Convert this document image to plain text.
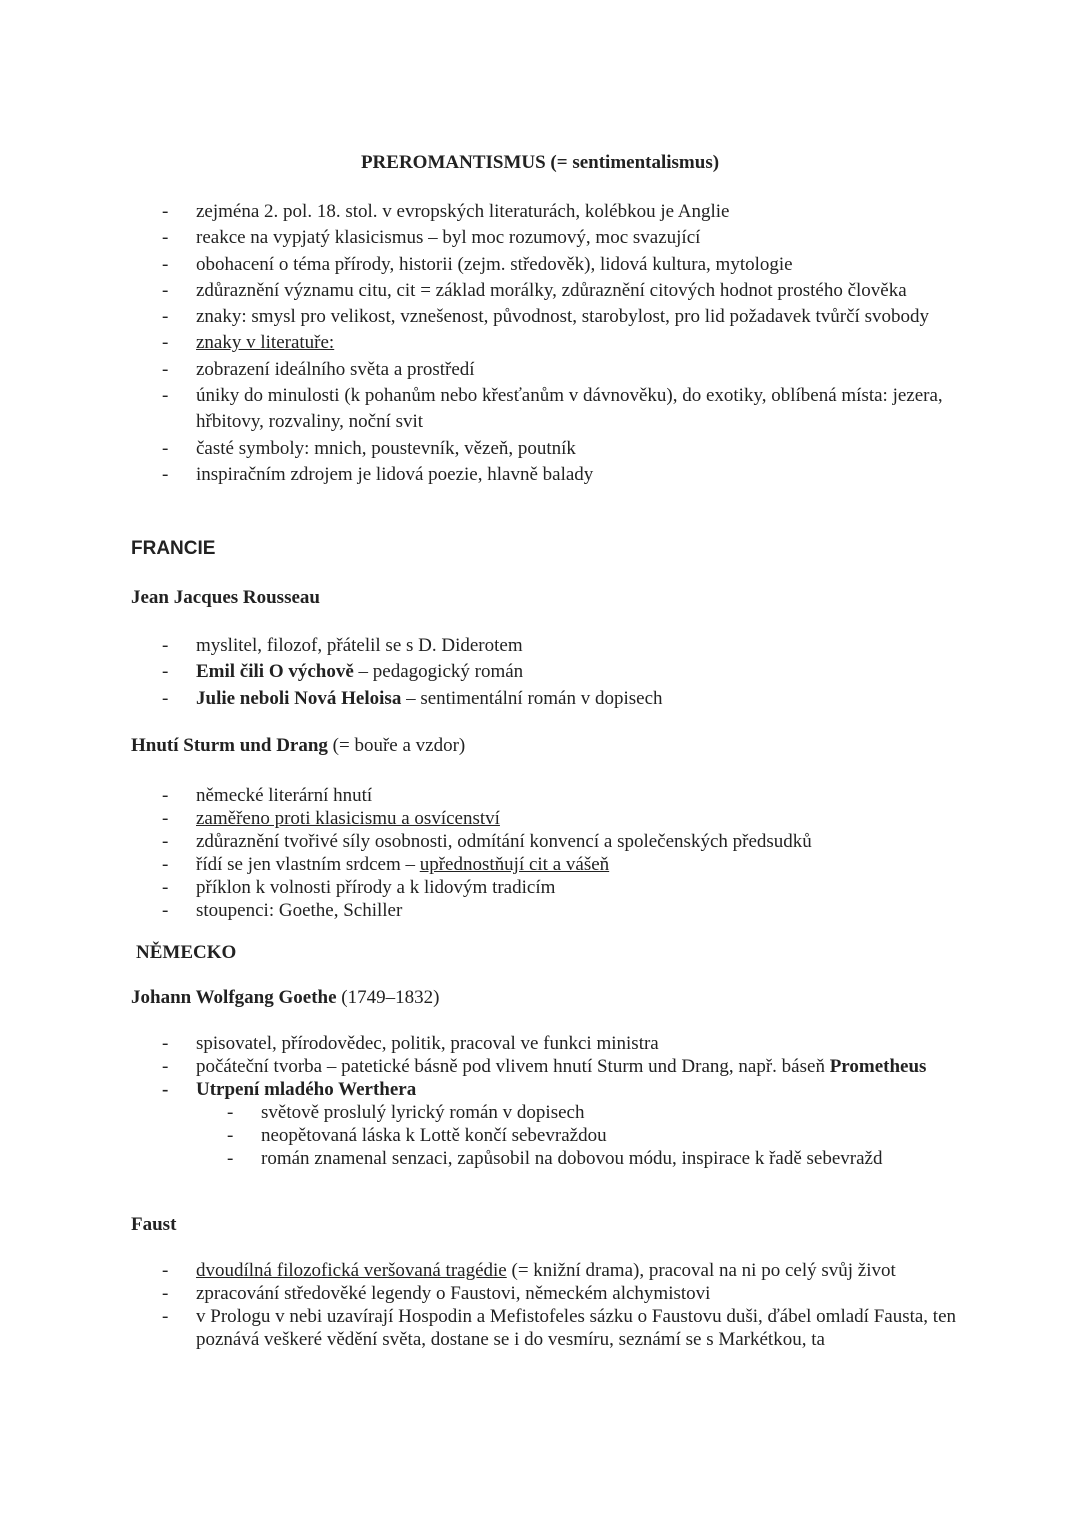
PREROMANTISMUS (= sentimentalismus)
- zejména 2. pol. 18. stol. v evropských literaturách, kolébkou je Anglie
- reakce na vypjatý klasicismus – byl moc rozumový, moc svazující
- obohacení o téma přírody, historii (zejm. středověk), lidová kultura, mytologie
- zdůraznění významu citu, cit = základ morálky, zdůraznění citových hodnot prostého člověka
- znaky: smysl pro velikost, vznešenost, původnost, starobylost, pro lid požadavek tvůrčí svobody
- znaky v literatuře:
- zobrazení ideálního světa a prostředí
- úniky do minulosti (k pohanům nebo křesťanům v dávnověku), do exotiky, oblíbená místa: jezera, hřbitovy, rozvaliny, noční svit
- časté symboly: mnich, poustevník, vězeň, poutník
- inspiračním zdrojem je lidová poezie, hlavně balady
FRANCIE
Jean Jacques Rousseau
- myslitel, filozof, přátelil se s D. Diderotem
- Emil čili O výchově – pedagogický román
- Julie neboli Nová Heloisa – sentimentální román v dopisech
Hnutí Sturm und Drang (= bouře a vzdor)
- německé literární hnutí
- zaměřeno proti klasicismu a osvícenství
- zdůraznění tvořivé síly osobnosti, odmítání konvencí a společenských předsudků
- řídí se jen vlastním srdcem – upřednostňují cit a vášeň
- příklon k volnosti přírody a k lidovým tradicím
- stoupenci: Goethe, Schiller
NĚMECKO
Johann Wolfgang Goethe (1749–1832)
- spisovatel, přírodovědec, politik, pracoval ve funkci ministra
- počáteční tvorba – patetické básně pod vlivem hnutí Sturm und Drang, např. báseň Prometheus
- Utrpení mladého Werthera
- světově proslulý lyrický román v dopisech
- neopětovaná láska k Lottě končí sebevraždou
- román znamenal senzaci, zapůsobil na dobovou módu, inspirace k řadě sebevražd
Faust
- dvoudílná filozofická veršovaná tragédie (= knižní drama), pracoval na ni po celý svůj život
- zpracování středověké legendy o Faustovi, německém alchymistovi
- v Prologu v nebi uzavírají Hospodin a Mefistofeles sázku o Faustovu duši, ďábel omladí Fausta, ten poznává veškeré vědění světa, dostane se i do vesmíru, seznámí se s Markétkou, ta
